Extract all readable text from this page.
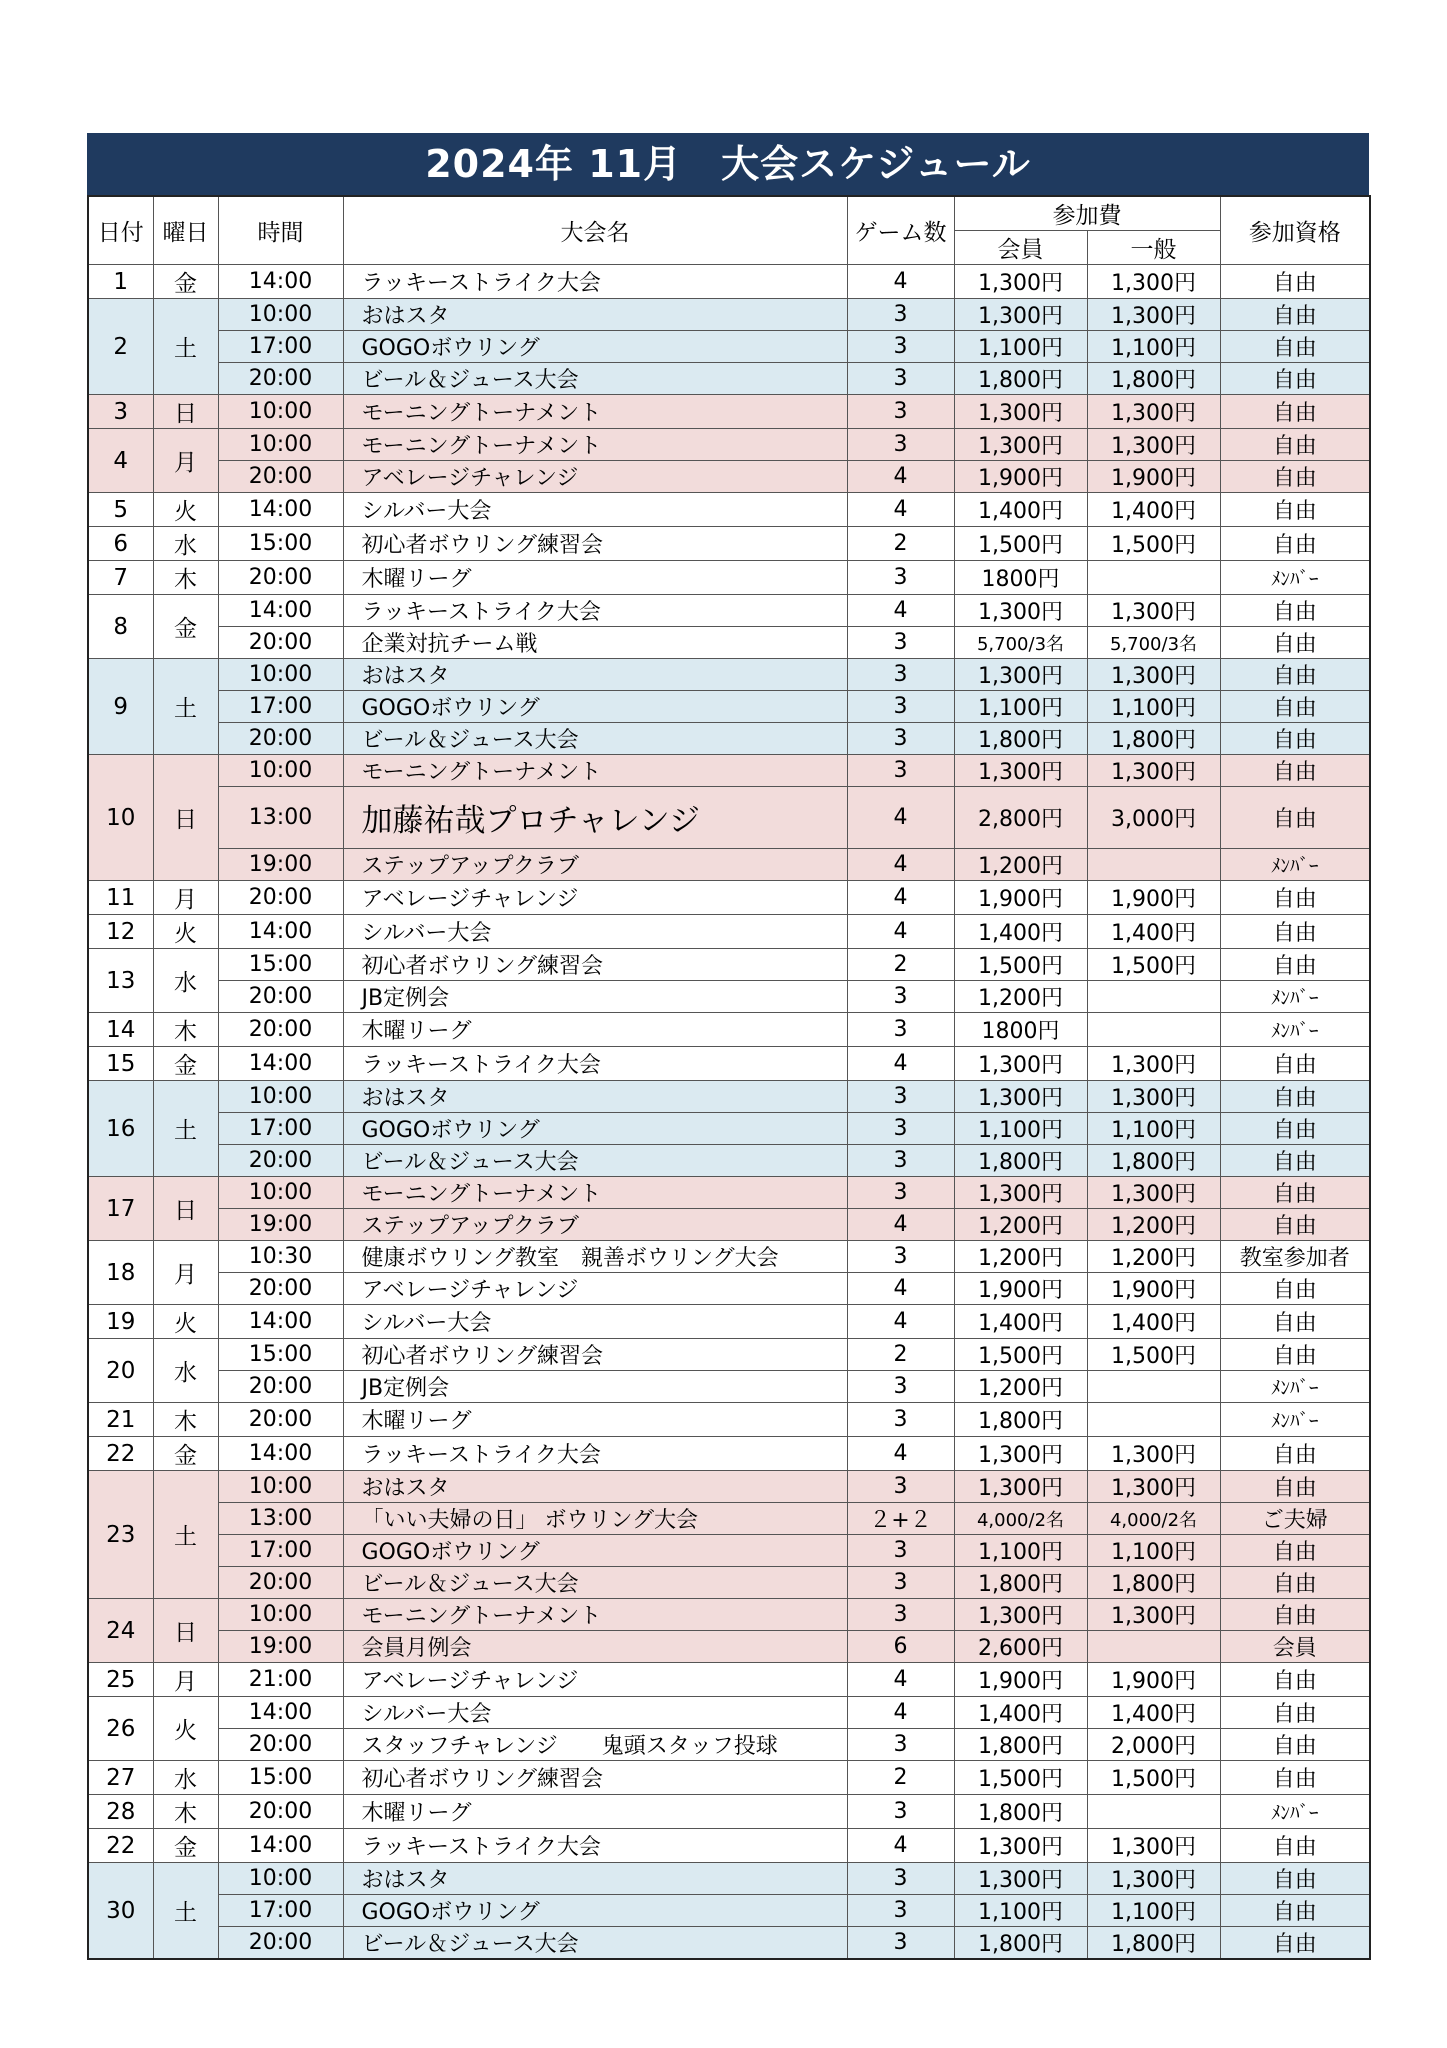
2024年 11月　大会スケジュール
日付	曜日	時間	大会名	ゲーム数	参加費		参加資格
					会員	一般	
1	金	14:00	ラッキーストライク大会	4	1,300円	1,300円	自由
2	土	10:00	おはスタ	3	1,300円	1,300円	自由
		17:00	GOGOボウリング	3	1,100円	1,100円	自由
		20:00	ビール＆ジュース大会	3	1,800円	1,800円	自由
3	日	10:00	モーニングトーナメント	3	1,300円	1,300円	自由
4	月	10:00	モーニングトーナメント	3	1,300円	1,300円	自由
		20:00	アベレージチャレンジ	4	1,900円	1,900円	自由
5	火	14:00	シルバー大会	4	1,400円	1,400円	自由
6	水	15:00	初心者ボウリング練習会	2	1,500円	1,500円	自由
7	木	20:00	木曜リーグ	3	1800円		ﾒﾝﾊﾞｰ
8	金	14:00	ラッキーストライク大会	4	1,300円	1,300円	自由
		20:00	企業対抗チーム戦	3	5,700/3名	5,700/3名	自由
9	土	10:00	おはスタ	3	1,300円	1,300円	自由
		17:00	GOGOボウリング	3	1,100円	1,100円	自由
		20:00	ビール＆ジュース大会	3	1,800円	1,800円	自由
10	日	10:00	モーニングトーナメント	3	1,300円	1,300円	自由
		13:00	加藤祐哉プロチャレンジ	4	2,800円	3,000円	自由
		19:00	ステップアップクラブ	4	1,200円		ﾒﾝﾊﾞｰ
11	月	20:00	アベレージチャレンジ	4	1,900円	1,900円	自由
12	火	14:00	シルバー大会	4	1,400円	1,400円	自由
13	水	15:00	初心者ボウリング練習会	2	1,500円	1,500円	自由
		20:00	JB定例会	3	1,200円		ﾒﾝﾊﾞｰ
14	木	20:00	木曜リーグ	3	1800円		ﾒﾝﾊﾞｰ
15	金	14:00	ラッキーストライク大会	4	1,300円	1,300円	自由
16	土	10:00	おはスタ	3	1,300円	1,300円	自由
		17:00	GOGOボウリング	3	1,100円	1,100円	自由
		20:00	ビール＆ジュース大会	3	1,800円	1,800円	自由
17	日	10:00	モーニングトーナメント	3	1,300円	1,300円	自由
		19:00	ステップアップクラブ	4	1,200円	1,200円	自由
18	月	10:30	健康ボウリング教室　親善ボウリング大会	3	1,200円	1,200円	教室参加者
		20:00	アベレージチャレンジ	4	1,900円	1,900円	自由
19	火	14:00	シルバー大会	4	1,400円	1,400円	自由
20	水	15:00	初心者ボウリング練習会	2	1,500円	1,500円	自由
		20:00	JB定例会	3	1,200円		ﾒﾝﾊﾞｰ
21	木	20:00	木曜リーグ	3	1,800円		ﾒﾝﾊﾞｰ
22	金	14:00	ラッキーストライク大会	4	1,300円	1,300円	自由
23	土	10:00	おはスタ	3	1,300円	1,300円	自由
		13:00	「いい夫婦の日」 ボウリング大会	２+２	4,000/2名	4,000/2名	ご夫婦
		17:00	GOGOボウリング	3	1,100円	1,100円	自由
		20:00	ビール＆ジュース大会	3	1,800円	1,800円	自由
24	日	10:00	モーニングトーナメント	3	1,300円	1,300円	自由
		19:00	会員月例会	6	2,600円		会員
25	月	21:00	アベレージチャレンジ	4	1,900円	1,900円	自由
26	火	14:00	シルバー大会	4	1,400円	1,400円	自由
		20:00	スタッフチャレンジ　　鬼頭スタッフ投球	3	1,800円	2,000円	自由
27	水	15:00	初心者ボウリング練習会	2	1,500円	1,500円	自由
28	木	20:00	木曜リーグ	3	1,800円		ﾒﾝﾊﾞｰ
22	金	14:00	ラッキーストライク大会	4	1,300円	1,300円	自由
30	土	10:00	おはスタ	3	1,300円	1,300円	自由
		17:00	GOGOボウリング	3	1,100円	1,100円	自由
		20:00	ビール＆ジュース大会	3	1,800円	1,800円	自由
